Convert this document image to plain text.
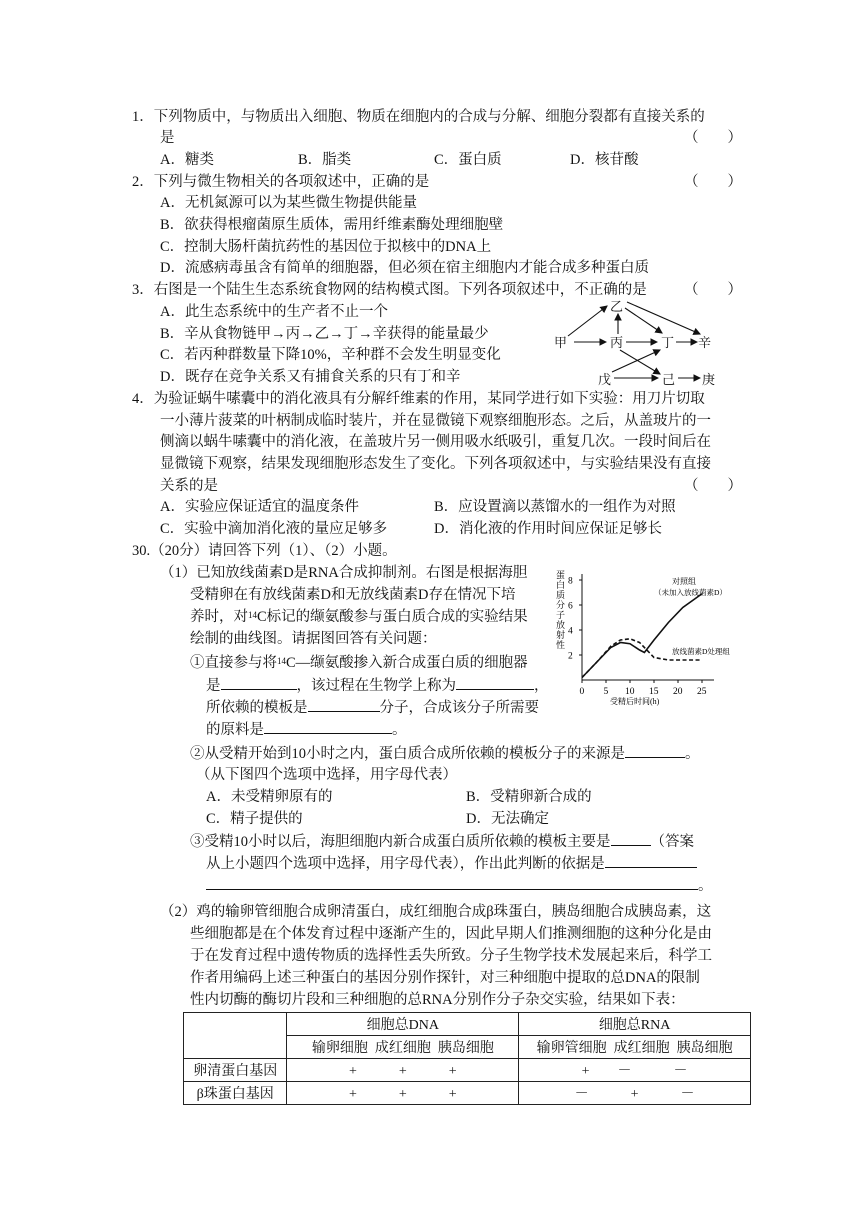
1．下列物质中，与物质出入细胞、物质在细胞内的合成与分解、细胞分裂都有直接关系的
是	（　　）
A．糖类	B．脂类	C．蛋白质	D．核苷酸
2．下列与微生物相关的各项叙述中，正确的是	（　　）
A．无机氮源可以为某些微生物提供能量
B．欲获得根瘤菌原生质体，需用纤维素酶处理细胞壁
C．控制大肠杆菌抗药性的基因位于拟核中的DNA上
D．流感病毒虽含有简单的细胞器，但必须在宿主细胞内才能合成多种蛋白质
3．右图是一个陆生生态系统食物网的结构模式图。下列各项叙述中，不正确的是	（　　）
A．此生态系统中的生产者不止一个
B．辛从食物链甲→丙→乙→丁→辛获得的能量最少
C．若丙种群数量下降10%，辛种群不会发生明显变化
D．既存在竞争关系又有捕食关系的只有丁和辛
甲
乙
丙	丁 辛
戊	己 庚
4．为验证蜗牛嗉囊中的消化液具有分解纤维素的作用，某同学进行如下实验：用刀片切取
一小薄片菠菜的叶柄制成临时装片，并在显微镜下观察细胞形态。之后，从盖玻片的一
侧滴以蜗牛嗉囊中的消化液，在盖玻片另一侧用吸水纸吸引，重复几次。一段时间后在
显微镜下观察，结果发现细胞形态发生了变化。下列各项叙述中，与实验结果没有直接
关系的是	（　　）
A．实验应保证适宜的温度条件	B．应设置滴以蒸馏水的一组作为对照
C．实验中滴加消化液的量应足够多	D．消化液的作用时间应保证足够长
30.（20分）请回答下列（1）、（2）小题。
（1）已知放线菌素D是RNA合成抑制剂。右图是根据海胆
受精卵在有放线菌素D和无放线菌素D存在情况下培
养时，对$^{14}$C标记的缬氨酸参与蛋白质合成的实验结果
绘制的曲线图。请据图回答有关问题：
①直接参与将$^{14}$C—缬氨酸掺入新合成蛋白质的细胞器
是	，该过程在生物学上称为	，
所依赖的模板是	分子，合成该分子所需要
的原料是	。
②从受精开始到10小时之内，蛋白质合成所依赖的模板分子的来源是	。
（从下图四个选项中选择，用字母代表）
A．未受精卵原有的	B．受精卵新合成的
C．精子提供的	D．无法确定
③受精10小时以后，海胆细胞内新合成蛋白质所依赖的模板主要是	（答案
从上小题四个选项中选择，用字母代表），作出此判断的依据是
。
（2）鸡的输卵管细胞合成卵清蛋白，成红细胞合成β珠蛋白，胰岛细胞合成胰岛素，这
些细胞都是在个体发育过程中逐渐产生的，因此早期人们推测细胞的这种分化是由
于在发育过程中遗传物质的选择性丢失所致。分子生物学技术发展起来后，科学工
作者用编码上述三种蛋白的基因分别作探针，对三种细胞中提取的总DNA的限制
性内切酶的酶切片段和三种细胞的总RNA分别作分子杂交实验，结果如下表：
蛋
白
质
分
子
放
射
性
2
4
6
8
0 5 10 15 20 25
对照组
（未加入放线菌素D）
放线菌素D处理组
受精后时间(h)
	细胞总DNA	细胞总RNA
	输卵细胞  成红细胞  胰岛细胞	输卵管细胞  成红细胞  胰岛细胞
卵清蛋白基因	+　　　+　　　+	+　　－　　　－
β珠蛋白基因	+　　　+　　　+	－　　　+　　　－
